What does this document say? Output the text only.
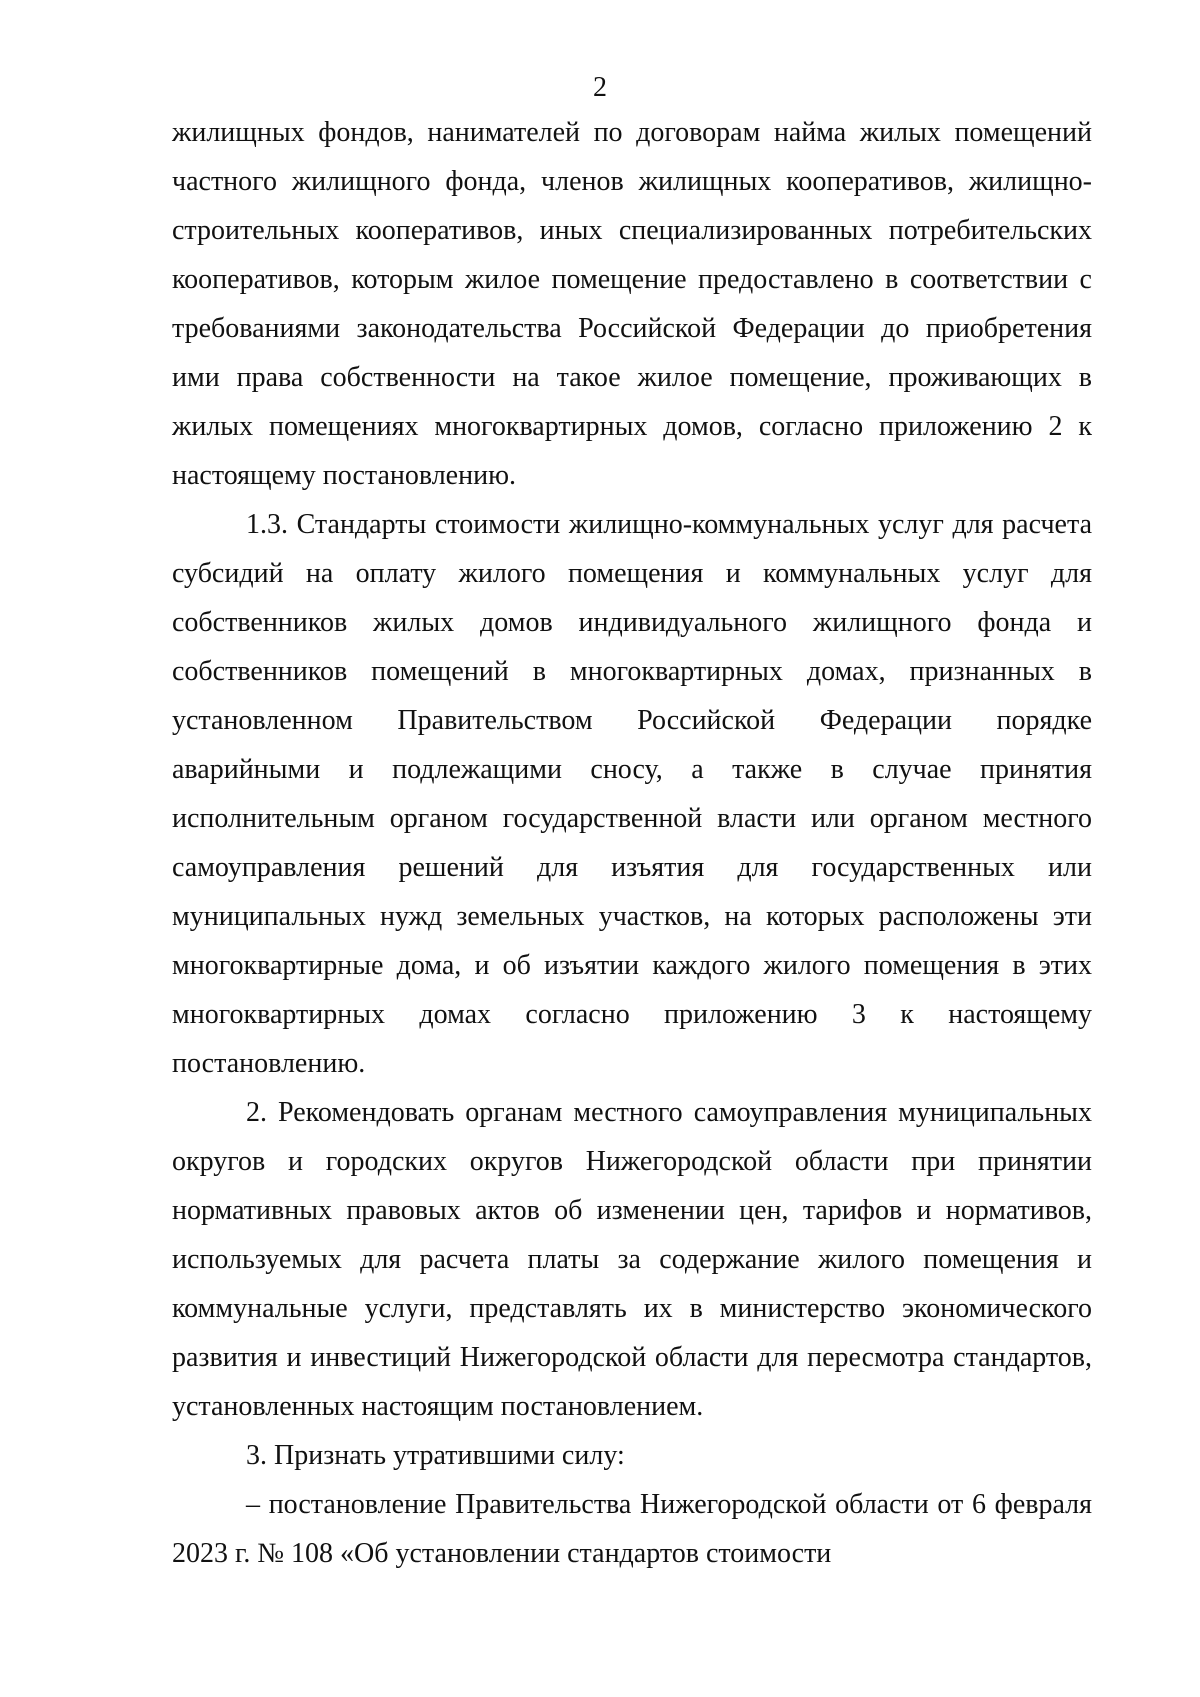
2

жилищных фондов, нанимателей по договорам найма жилых помещений частного жилищного фонда, членов жилищных кооперативов, жилищно-строительных кооперативов, иных специализированных потребительских кооперативов, которым жилое помещение предоставлено в соответствии с требованиями законодательства Российской Федерации до приобретения ими права собственности на такое жилое помещение, проживающих в жилых помещениях многоквартирных домов, согласно приложению 2 к настоящему постановлению.

1.3. Стандарты стоимости жилищно-коммунальных услуг для расчета субсидий на оплату жилого помещения и коммунальных услуг для собственников жилых домов индивидуального жилищного фонда и собственников помещений в многоквартирных домах, признанных в установленном Правительством Российской Федерации порядке аварийными и подлежащими сносу, а также в случае принятия исполнительным органом государственной власти или органом местного самоуправления решений для изъятия для государственных или муниципальных нужд земельных участков, на которых расположены эти многоквартирные дома, и об изъятии каждого жилого помещения в этих многоквартирных домах согласно приложению 3 к настоящему постановлению.

2. Рекомендовать органам местного самоуправления муниципальных округов и городских округов Нижегородской области при принятии нормативных правовых актов об изменении цен, тарифов и нормативов, используемых для расчета платы за содержание жилого помещения и коммунальные услуги, представлять их в министерство экономического развития и инвестиций Нижегородской области для пересмотра стандартов, установленных настоящим постановлением.

3. Признать утратившими силу:

– постановление Правительства Нижегородской области от 6 февраля 2023 г. № 108 «Об установлении стандартов стоимости
